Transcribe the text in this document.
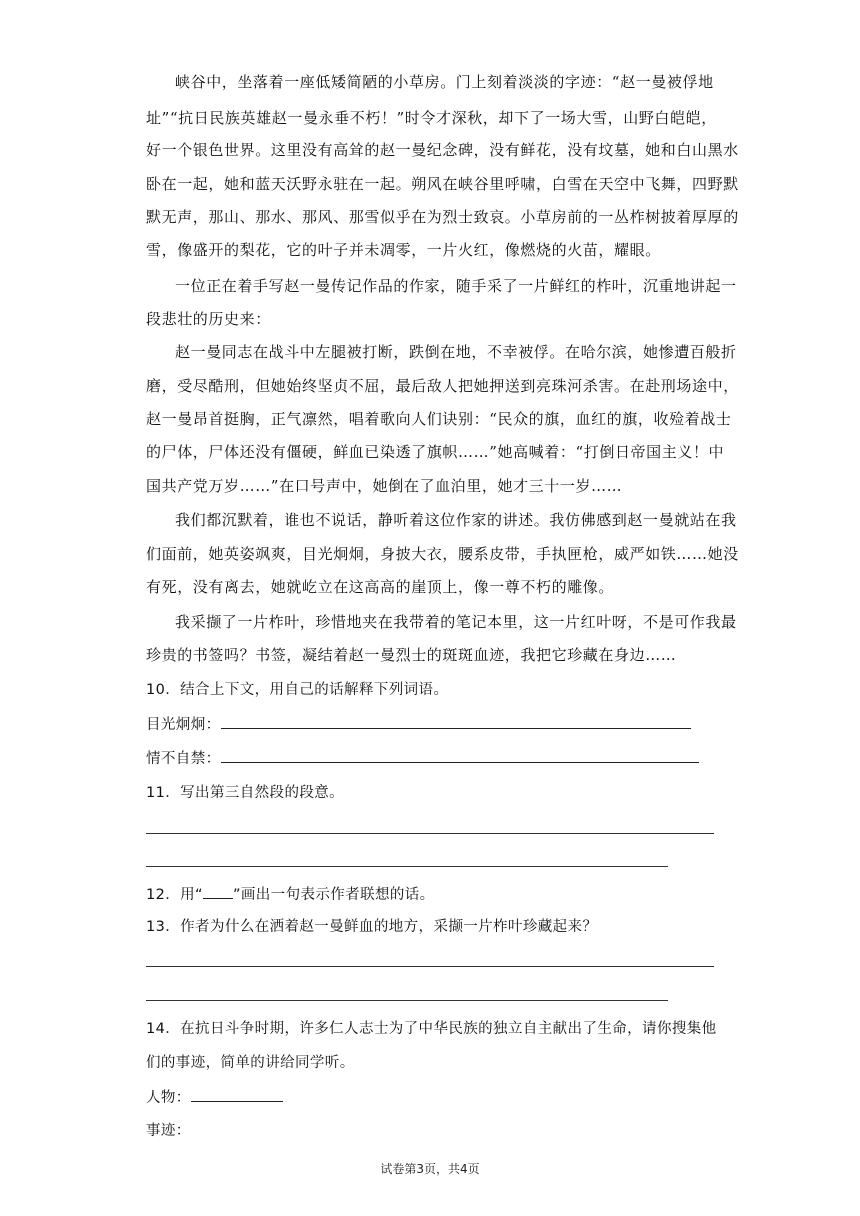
峡谷中，坐落着一座低矮简陋的小草房。门上刻着淡淡的字迹：“赵一曼被俘地
址”“抗日民族英雄赵一曼永垂不朽！”时令才深秋，却下了一场大雪，山野白皑皑，
好一个银色世界。这里没有高耸的赵一曼纪念碑，没有鲜花，没有坟墓，她和白山黑水
卧在一起，她和蓝天沃野永驻在一起。朔风在峡谷里呼啸，白雪在天空中飞舞，四野默
默无声，那山、那水、那风、那雪似乎在为烈士致哀。小草房前的一丛柞树披着厚厚的
雪，像盛开的梨花，它的叶子并未凋零，一片火红，像燃烧的火苗，耀眼。
一位正在着手写赵一曼传记作品的作家，随手采了一片鲜红的柞叶，沉重地讲起一
段悲壮的历史来：
赵一曼同志在战斗中左腿被打断，跌倒在地，不幸被俘。在哈尔滨，她惨遭百般折
磨，受尽酷刑，但她始终坚贞不屈，最后敌人把她押送到亮珠河杀害。在赴刑场途中，
赵一曼昂首挺胸，正气凛然，唱着歌向人们诀别：“民众的旗，血红的旗，收殓着战士
的尸体，尸体还没有僵硬，鲜血已染透了旗帜……”她高喊着：“打倒日帝国主义！中
国共产党万岁……”在口号声中，她倒在了血泊里，她才三十一岁……
我们都沉默着，谁也不说话，静听着这位作家的讲述。我仿佛感到赵一曼就站在我
们面前，她英姿飒爽，目光炯炯，身披大衣，腰系皮带，手执匣枪，威严如铁……她没
有死，没有离去，她就屹立在这高高的崖顶上，像一尊不朽的雕像。
我采撷了一片柞叶，珍惜地夹在我带着的笔记本里，这一片红叶呀，不是可作我最
珍贵的书签吗？书签，凝结着赵一曼烈士的斑斑血迹，我把它珍藏在身边……
10．结合上下文，用自己的话解释下列词语。
目光炯炯：
情不自禁：
11．写出第三自然段的段意。
12．用“ ”画出一句表示作者联想的话。
13．作者为什么在洒着赵一曼鲜血的地方，采撷一片柞叶珍藏起来？
14．在抗日斗争时期，许多仁人志士为了中华民族的独立自主献出了生命，请你搜集他
们的事迹，简单的讲给同学听。
人物：
事迹：
试卷第3页，共4页
